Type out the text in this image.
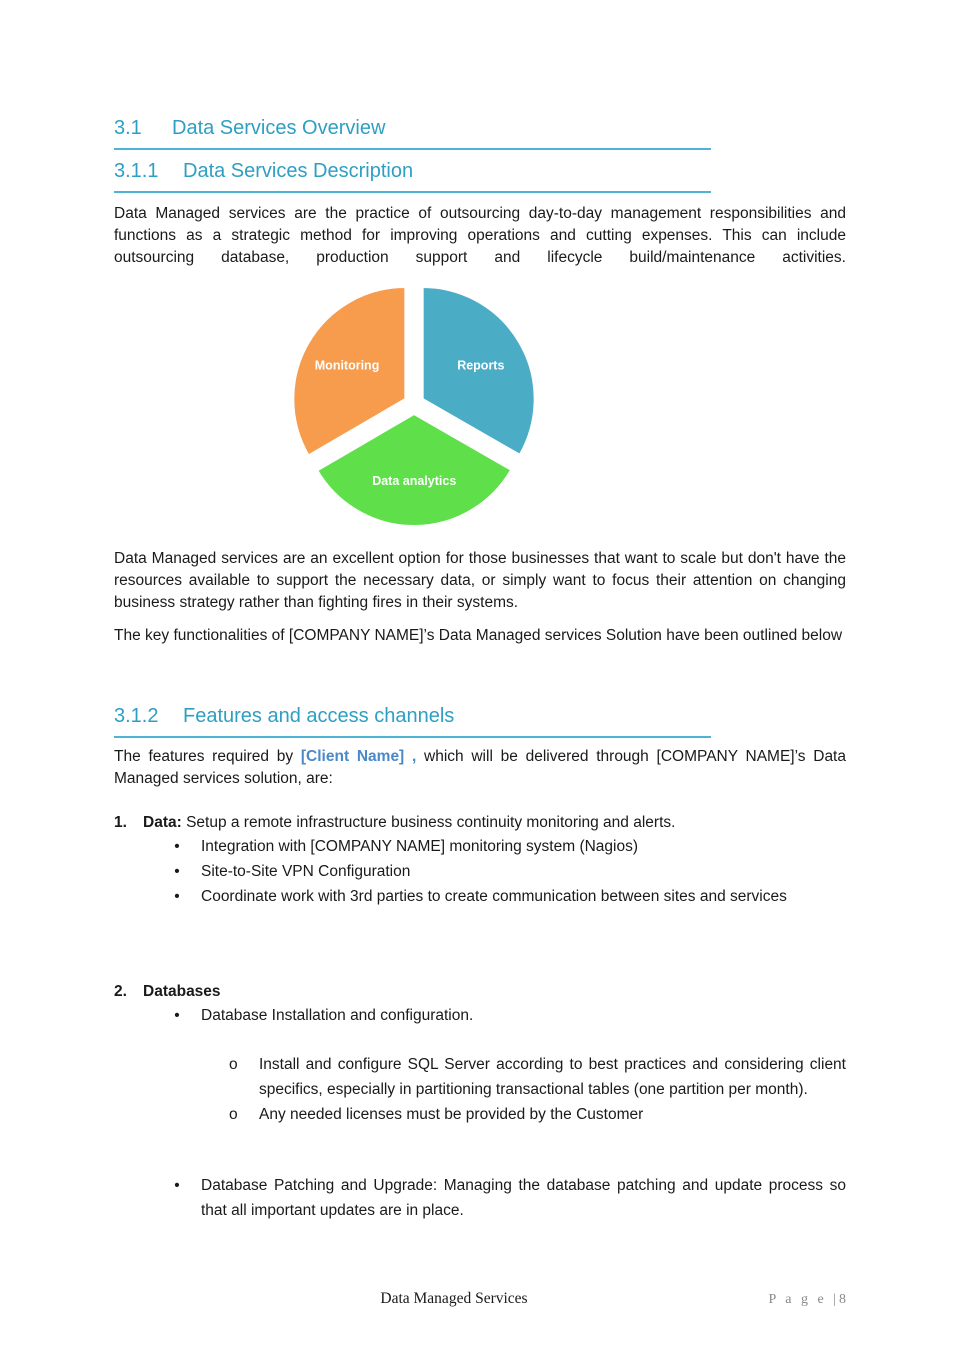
3.1 Data Services Overview
3.1.1 Data Services Description

Data Managed services are the practice of outsourcing day-to-day management responsibilities and functions as a strategic method for improving operations and cutting expenses. This can include outsourcing database, production support and lifecycle build/maintenance activities.

Reports
Data analytics
Monitoring

Data Managed services are an excellent option for those businesses that want to scale but don't have the resources available to support the necessary data, or simply want to focus their attention on changing business strategy rather than fighting fires in their systems.

The key functionalities of [COMPANY NAME]’s Data Managed services Solution have been outlined below

3.1.2 Features and access channels

The features required by [Client Name] , which will be delivered through [COMPANY NAME]’s Data Managed services solution, are:

1. Data: Setup a remote infrastructure business continuity monitoring and alerts.
• Integration with [COMPANY NAME] monitoring system (Nagios)
• Site-to-Site VPN Configuration
• Coordinate work with 3rd parties to create communication between sites and services
2. Databases
• Database Installation and configuration.
o Install and configure SQL Server according to best practices and considering client specifics, especially in partitioning transactional tables (one partition per month).
o Any needed licenses must be provided by the Customer
• Database Patching and Upgrade: Managing the database patching and update process so that all important updates are in place.
Data Managed Services	P a g e |8
